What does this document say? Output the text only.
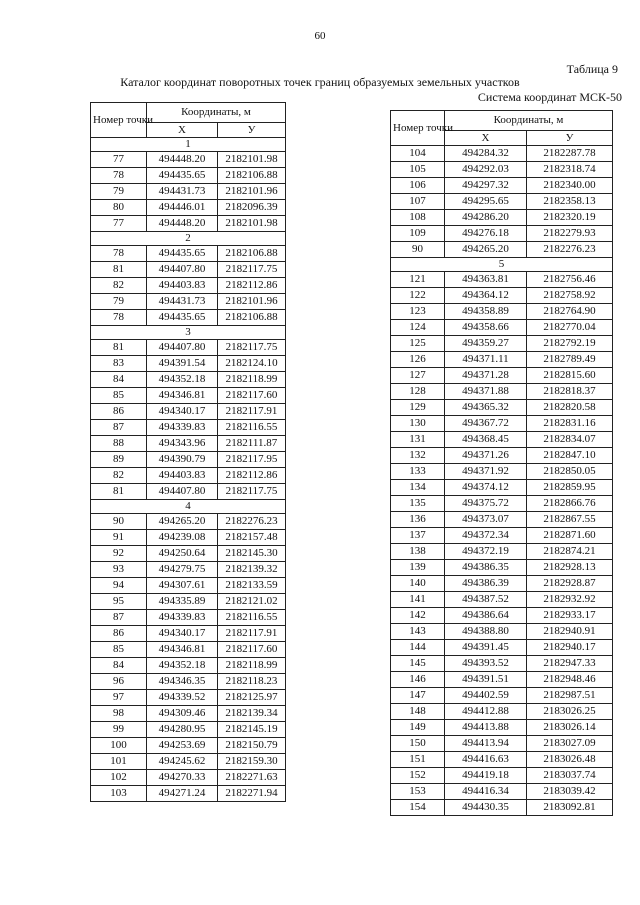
60
Таблица 9
Каталог координат поворотных точек границ образуемых земельных участков
Система координат МСК-50
Номер точки	Координаты, м	
	Х	У
1		
77	494448.20	2182101.98
78	494435.65	2182106.88
79	494431.73	2182101.96
80	494446.01	2182096.39
77	494448.20	2182101.98
2		
78	494435.65	2182106.88
81	494407.80	2182117.75
82	494403.83	2182112.86
79	494431.73	2182101.96
78	494435.65	2182106.88
3		
81	494407.80	2182117.75
83	494391.54	2182124.10
84	494352.18	2182118.99
85	494346.81	2182117.60
86	494340.17	2182117.91
87	494339.83	2182116.55
88	494343.96	2182111.87
89	494390.79	2182117.95
82	494403.83	2182112.86
81	494407.80	2182117.75
4		
90	494265.20	2182276.23
91	494239.08	2182157.48
92	494250.64	2182145.30
93	494279.75	2182139.32
94	494307.61	2182133.59
95	494335.89	2182121.02
87	494339.83	2182116.55
86	494340.17	2182117.91
85	494346.81	2182117.60
84	494352.18	2182118.99
96	494346.35	2182118.23
97	494339.52	2182125.97
98	494309.46	2182139.34
99	494280.95	2182145.19
100	494253.69	2182150.79
101	494245.62	2182159.30
102	494270.33	2182271.63
103	494271.24	2182271.94
Номер точки	Координаты, м	
	Х	У
104	494284.32	2182287.78
105	494292.03	2182318.74
106	494297.32	2182340.00
107	494295.65	2182358.13
108	494286.20	2182320.19
109	494276.18	2182279.93
90	494265.20	2182276.23
5		
121	494363.81	2182756.46
122	494364.12	2182758.92
123	494358.89	2182764.90
124	494358.66	2182770.04
125	494359.27	2182792.19
126	494371.11	2182789.49
127	494371.28	2182815.60
128	494371.88	2182818.37
129	494365.32	2182820.58
130	494367.72	2182831.16
131	494368.45	2182834.07
132	494371.26	2182847.10
133	494371.92	2182850.05
134	494374.12	2182859.95
135	494375.72	2182866.76
136	494373.07	2182867.55
137	494372.34	2182871.60
138	494372.19	2182874.21
139	494386.35	2182928.13
140	494386.39	2182928.87
141	494387.52	2182932.92
142	494386.64	2182933.17
143	494388.80	2182940.91
144	494391.45	2182940.17
145	494393.52	2182947.33
146	494391.51	2182948.46
147	494402.59	2182987.51
148	494412.88	2183026.25
149	494413.88	2183026.14
150	494413.94	2183027.09
151	494416.63	2183026.48
152	494419.18	2183037.74
153	494416.34	2183039.42
154	494430.35	2183092.81
